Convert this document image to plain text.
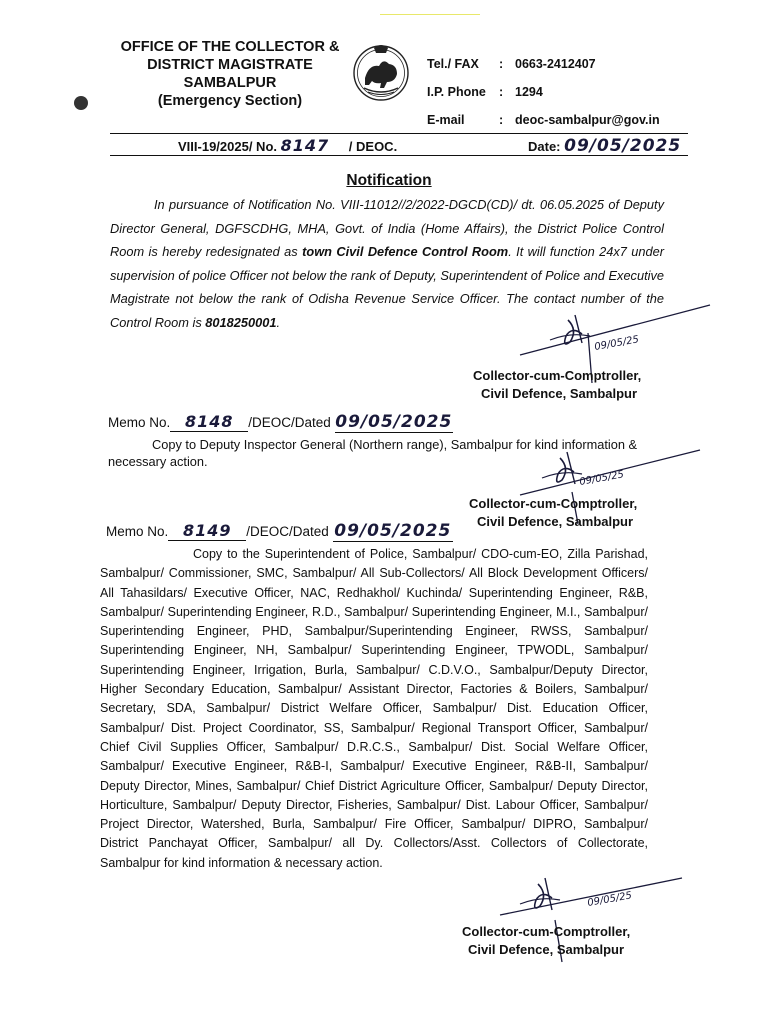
OFFICE OF THE COLLECTOR &
DISTRICT MAGISTRATE
SAMBALPUR
(Emergency Section)
Tel./ FAX : 0663-2412407
I.P. Phone : 1294
E-mail	: deoc-sambalpur@gov.in
VIII-19/2025/ No. 8147 / DEOC.	Date: 09/05/2025
Notification

In pursuance of Notification No. VIII-11012//2/2022-DGCD(CD)/ dt. 06.05.2025 of Deputy Director General, DGFSCDHG, MHA, Govt. of India (Home Affairs), the District Police Control Room is hereby redesignated as town Civil Defence Control Room. It will function 24x7 under supervision of police Officer not below the rank of Deputy, Superintendent of Police and Executive Magistrate not below the rank of Odisha Revenue Service Officer. The contact number of the Control Room is 8018250001.

09/05/25
Collector-cum-Comptroller,
Civil Defence, Sambalpur
Memo No. 8148 /DEOC/Dated 09/05/2025

Copy to Deputy Inspector General (Northern range), Sambalpur for kind information & necessary action.

09/05/25
Collector-cum-Comptroller,
Civil Defence, Sambalpur
Memo No. 8149 /DEOC/Dated 09/05/2025

Copy to the Superintendent of Police, Sambalpur/ CDO-cum-EO, Zilla Parishad, Sambalpur/ Commissioner, SMC, Sambalpur/ All Sub-Collectors/ All Block Development Officers/ All Tahasildars/ Executive Officer, NAC, Redhakhol/ Kuchinda/ Superintending Engineer, R&B, Sambalpur/ Superintending Engineer, R.D., Sambalpur/ Superintending Engineer, M.I., Sambalpur/ Superintending Engineer, PHD, Sambalpur/Superintending Engineer, RWSS, Sambalpur/ Superintending Engineer, NH, Sambalpur/ Superintending Engineer, TPWODL, Sambalpur/ Superintending Engineer, Irrigation, Burla, Sambalpur/ C.D.V.O., Sambalpur/Deputy Director, Higher Secondary Education, Sambalpur/ Assistant Director, Factories & Boilers, Sambalpur/ Secretary, SDA, Sambalpur/ District Welfare Officer, Sambalpur/ Dist. Education Officer, Sambalpur/ Dist. Project Coordinator, SS, Sambalpur/ Regional Transport Officer, Sambalpur/ Chief Civil Supplies Officer, Sambalpur/ D.R.C.S., Sambalpur/ Dist. Social Welfare Officer, Sambalpur/ Executive Engineer, R&B-I, Sambalpur/ Executive Engineer, R&B-II, Sambalpur/ Deputy Director, Mines, Sambalpur/ Chief District Agriculture Officer, Sambalpur/ Deputy Director, Horticulture, Sambalpur/ Deputy Director, Fisheries, Sambalpur/ Dist. Labour Officer, Sambalpur/ Project Director, Watershed, Burla, Sambalpur/ Fire Officer, Sambalpur/ DIPRO, Sambalpur/ District Panchayat Officer, Sambalpur/ all Dy. Collectors/Asst. Collectors of Collectorate, Sambalpur for kind information & necessary action.

09/05/25
Collector-cum-Comptroller,
Civil Defence, Sambalpur
